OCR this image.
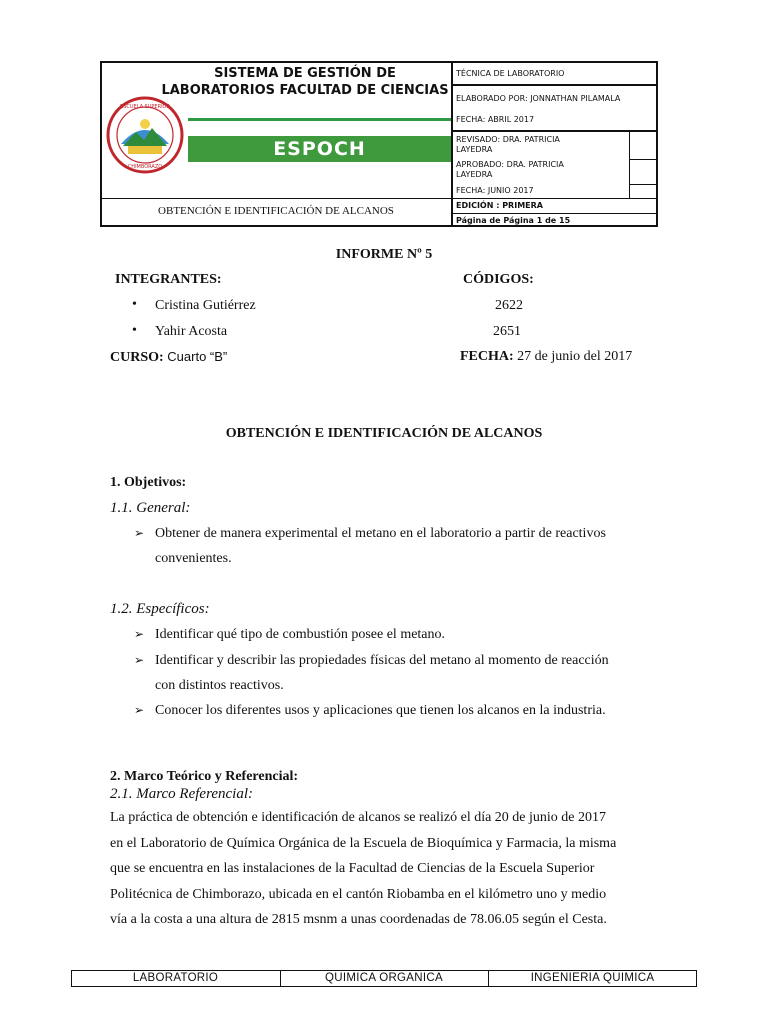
SISTEMA DE GESTIÓN DE LABORATORIOS FACULTAD DE CIENCIAS
ESPOCH
ESCUELA SUPERIOR
CHIMBORAZO
OBTENCIÓN E IDENTIFICACIÓN DE ALCANOS
TÉCNICA DE LABORATORIO
ELABORADO POR: JONNATHAN PILAMALA
FECHA: ABRIL 2017
REVISADO: DRA. PATRICIA LAYEDRA
APROBADO: DRA. PATRICIA LAYEDRA
FECHA: JUNIO 2017
EDICIÓN : PRIMERA
Página de Página 1 de 15
INFORME Nº 5
INTEGRANTES:	CÓDIGOS:
• Cristina Gutiérrez	2622
• Yahir Acosta	2651
CURSO: Cuarto “B”	FECHA: 27 de junio del 2017
OBTENCIÓN E IDENTIFICACIÓN DE ALCANOS
1. Objetivos:
1.1. General:
➢ Obtener de manera experimental el metano en el laboratorio a partir de reactivos
convenientes.
1.2. Específicos:
➢ Identificar qué tipo de combustión posee el metano.
➢ Identificar y describir las propiedades físicas del metano al momento de reacción
con distintos reactivos.
➢ Conocer los diferentes usos y aplicaciones que tienen los alcanos en la industria.
2. Marco Teórico y Referencial:
2.1. Marco Referencial:
La práctica de obtención e identificación de alcanos se realizó el día 20 de junio de 2017
en el Laboratorio de Química Orgánica de la Escuela de Bioquímica y Farmacia, la misma
que se encuentra en las instalaciones de la Facultad de Ciencias de la Escuela Superior
Politécnica de Chimborazo, ubicada en el cantón Riobamba en el kilómetro uno y medio
vía a la costa a una altura de 2815 msnm a unas coordenadas de 78.06.05 según el Cesta.
LABORATORIO	QUIMICA ORGANICA	INGENIERIA QUIMICA
